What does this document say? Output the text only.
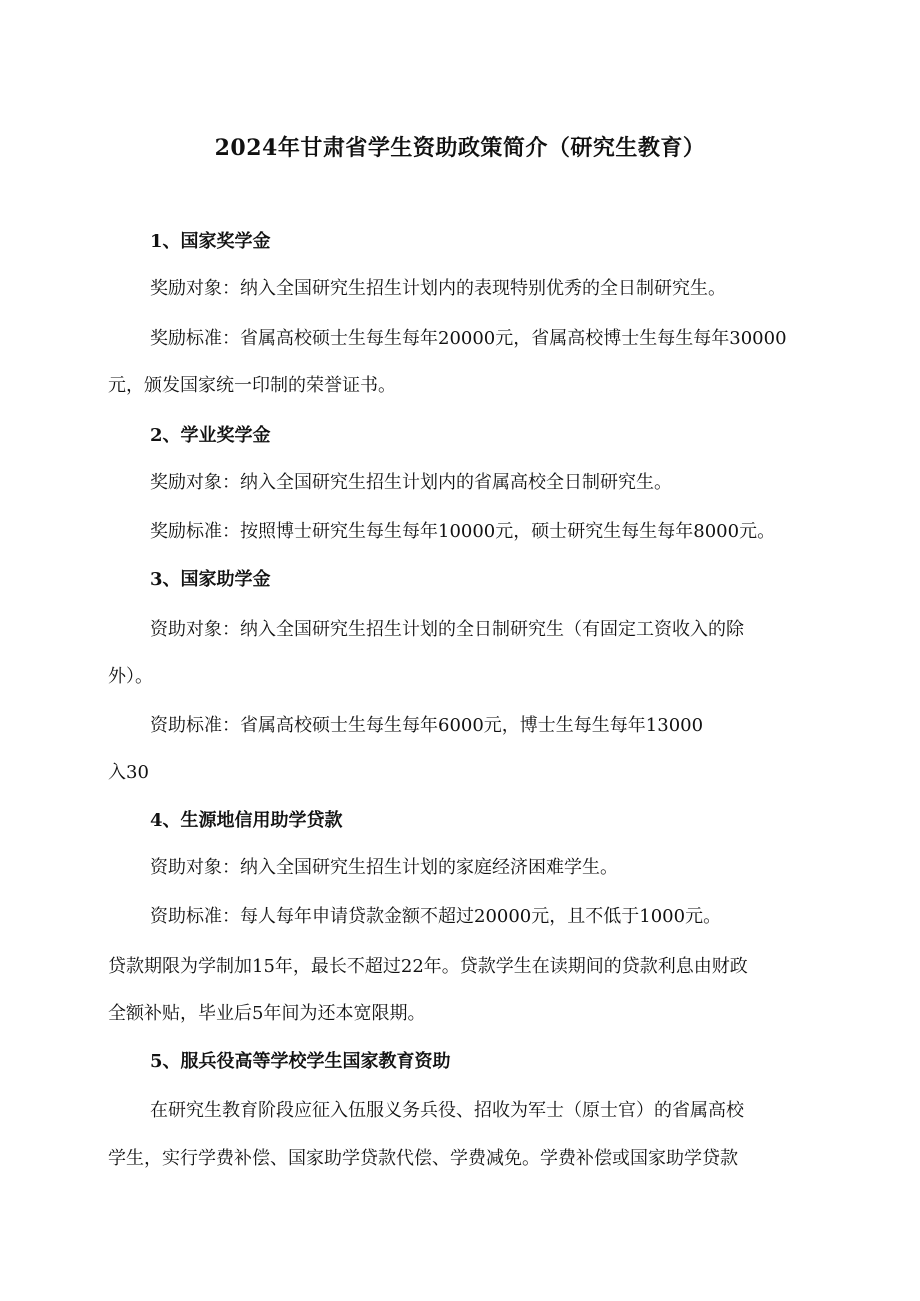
2024年甘肃省学生资助政策简介（研究生教育）
1、国家奖学金
奖励对象：纳入全国研究生招生计划内的表现特别优秀的全日制研究生。
奖励标准：省属高校硕士生每生每年20000元，省属高校博士生每生每年30000
元，颁发国家统一印制的荣誉证书。
2、学业奖学金
奖励对象：纳入全国研究生招生计划内的省属高校全日制研究生。
奖励标准：按照博士研究生每生每年10000元，硕士研究生每生每年8000元。
3、国家助学金
资助对象：纳入全国研究生招生计划的全日制研究生（有固定工资收入的除
外）。
资助标准：省属高校硕士生每生每年6000元，博士生每生每年13000
入30
4、生源地信用助学贷款
资助对象：纳入全国研究生招生计划的家庭经济困难学生。
资助标准：每人每年申请贷款金额不超过20000元，且不低于1000元。
贷款期限为学制加15年，最长不超过22年。贷款学生在读期间的贷款利息由财政
全额补贴，毕业后5年间为还本宽限期。
5、服兵役高等学校学生国家教育资助
在研究生教育阶段应征入伍服义务兵役、招收为军士（原士官）的省属高校
学生，实行学费补偿、国家助学贷款代偿、学费减免。学费补偿或国家助学贷款
